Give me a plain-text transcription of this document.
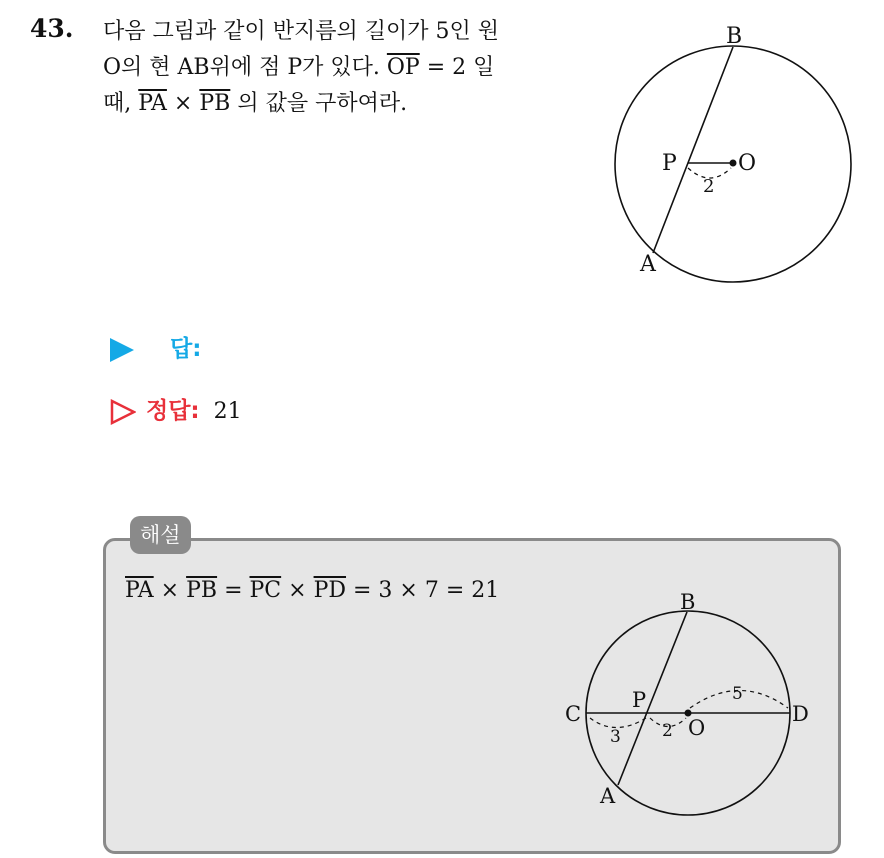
43. 다음 그림과 같이 반지름의 길이가 5인 원
O의 현 AB위에 점 P가 있다. $\overline{OP} = 2$ 일
때, $\overline{PA} \times \overline{PB}$ 의 값을 구하여라.
B
A
P	O
2
답:
정답: 21
해설
$\overline{PA} \times \overline{PB} = \overline{PC} \times \overline{PD} = 3 \times 7 = 21$	B
A
C	D
P
O
3 2
5
